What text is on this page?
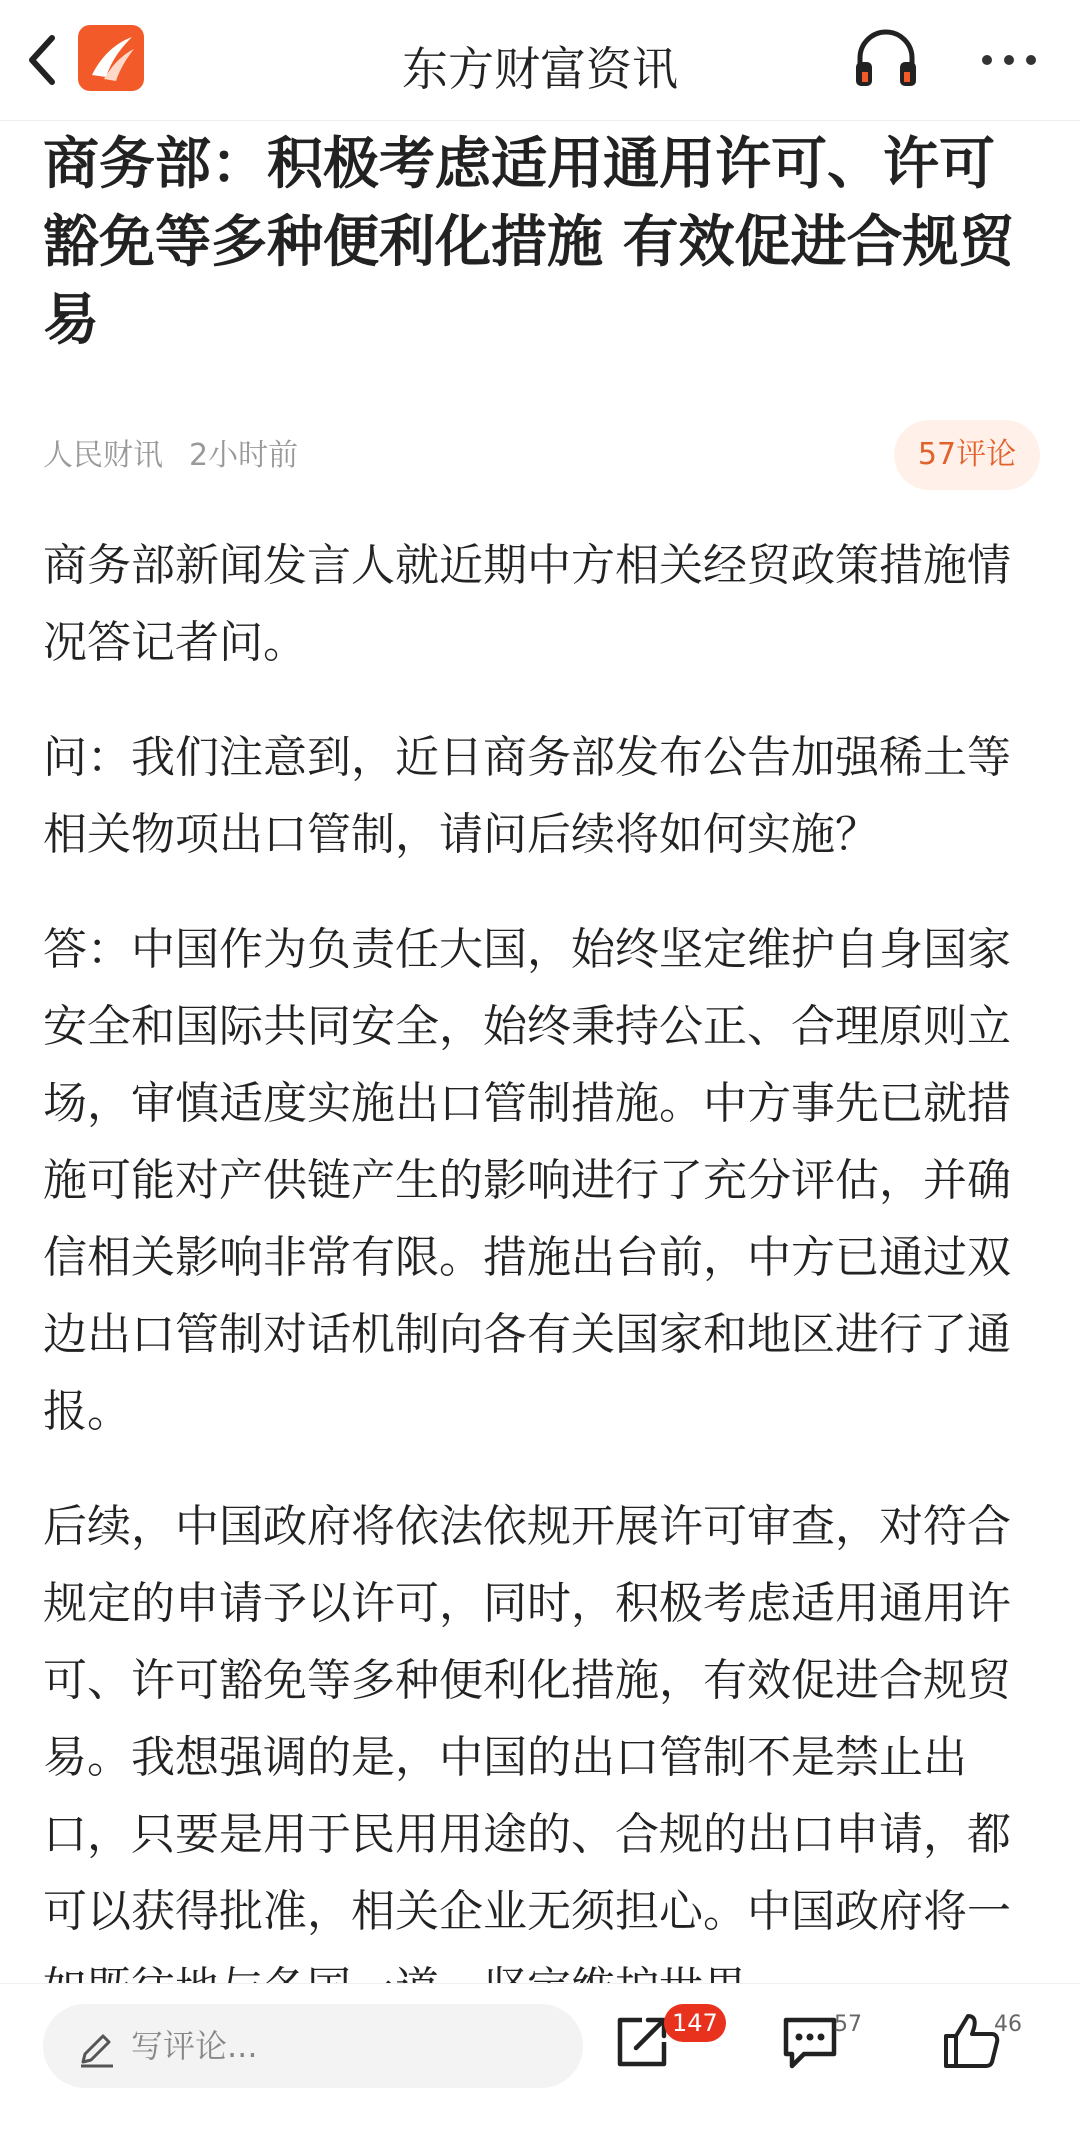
东方财富资讯
商务部：积极考虑适用通用许可、许可豁免等多种便利化措施 有效促进合规贸易
人民财讯 2小时前	57评论

商务部新闻发言人就近期中方相关经贸政策措施情况答记者问。

问：我们注意到，近日商务部发布公告加强稀土等相关物项出口管制，请问后续将如何实施？

答：中国作为负责任大国，始终坚定维护自身国家安全和国际共同安全，始终秉持公正、合理原则立场，审慎适度实施出口管制措施。中方事先已就措施可能对产供链产生的影响进行了充分评估，并确信相关影响非常有限。措施出台前，中方已通过双边出口管制对话机制向各有关国家和地区进行了通报。

后续，中国政府将依法依规开展许可审查，对符合规定的申请予以许可，同时，积极考虑适用通用许可、许可豁免等多种便利化措施，有效促进合规贸易。我想强调的是，中国的出口管制不是禁止出口，只要是用于民用用途的、合规的出口申请，都可以获得批准，相关企业无须担心。中国政府将一

写评论...
147	57	46
